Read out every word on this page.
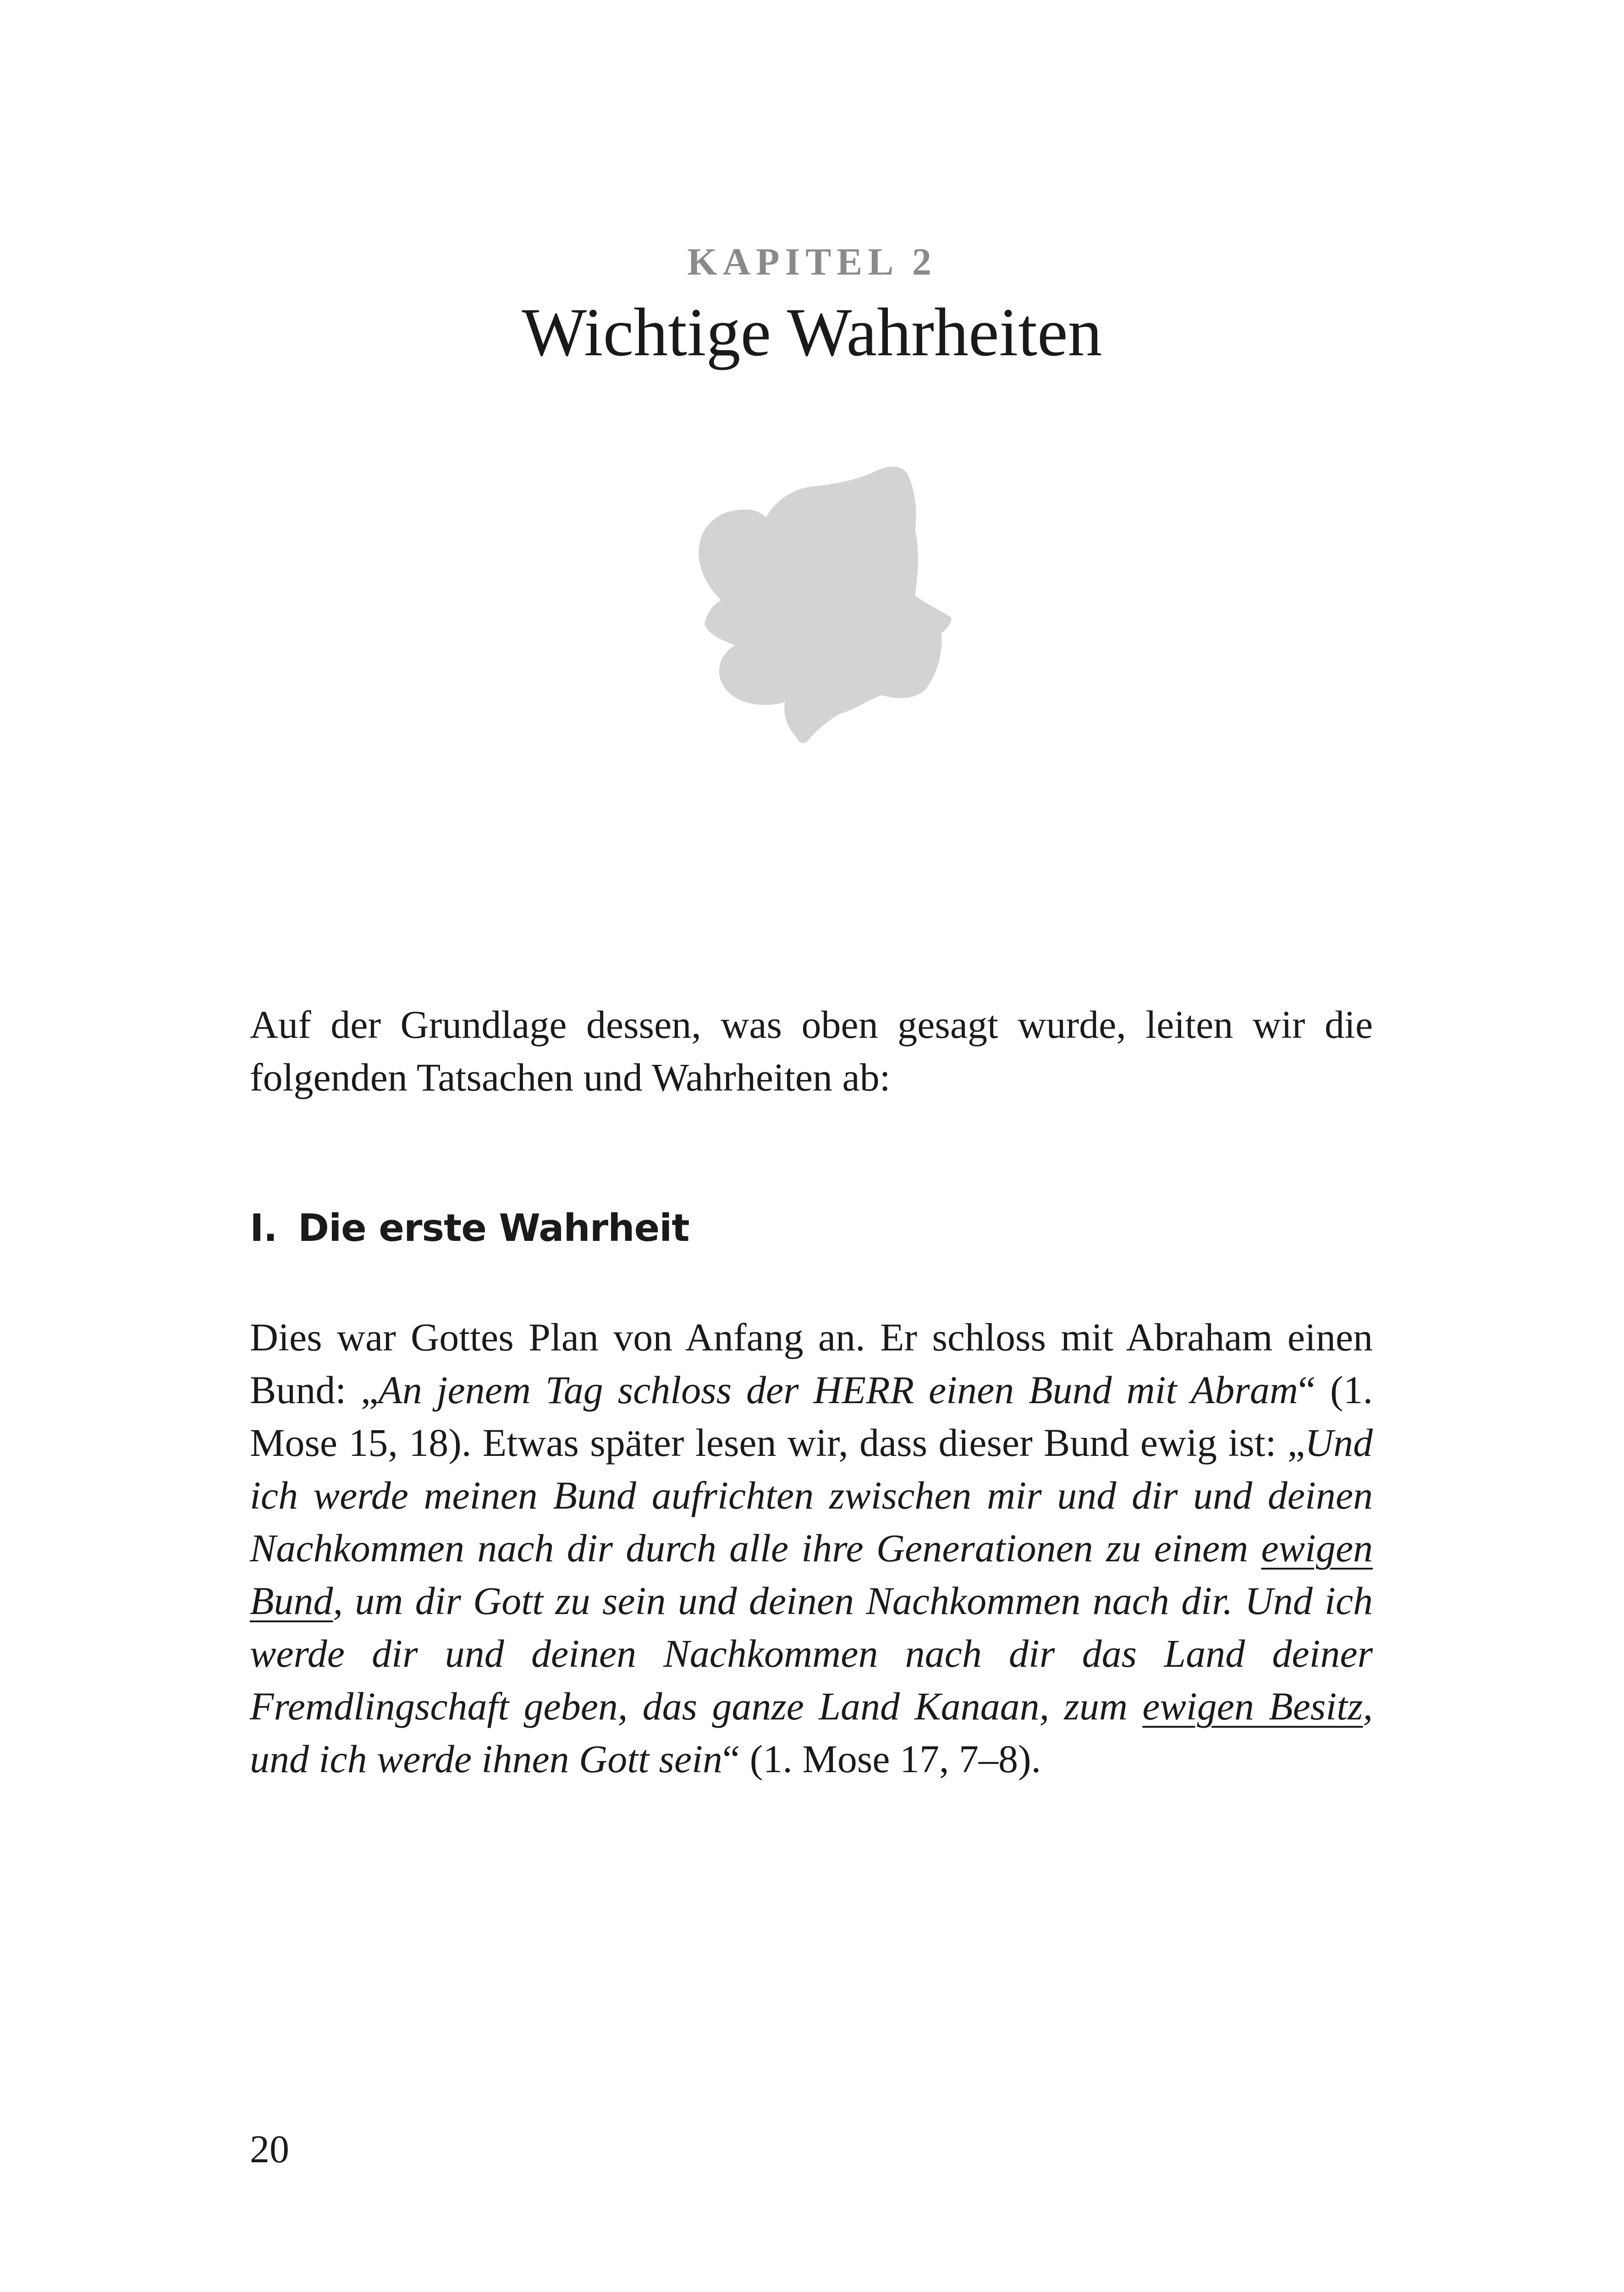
KAPITEL 2
Wichtige Wahrheiten
Auf der Grundlage dessen, was oben gesagt wurde, leiten wir die folgenden Tatsachen und Wahrheiten ab:
I. Die erste Wahrheit
Dies war Gottes Plan von Anfang an. Er schloss mit Abraham einen Bund: „An jenem Tag schloss der HERR einen Bund mit Abram“ (1. Mose 15, 18). Etwas später lesen wir, dass dieser Bund ewig ist: „Und ich werde meinen Bund aufrichten zwischen mir und dir und deinen Nachkommen nach dir durch alle ihre Generationen zu einem ewigen Bund, um dir Gott zu sein und deinen Nachkommen nach dir. Und ich werde dir und deinen Nachkommen nach dir das Land deiner Fremdlingschaft geben, das ganze Land Kanaan, zum ewigen Besitz, und ich werde ihnen Gott sein“ (1. Mose 17, 7–8).
20
